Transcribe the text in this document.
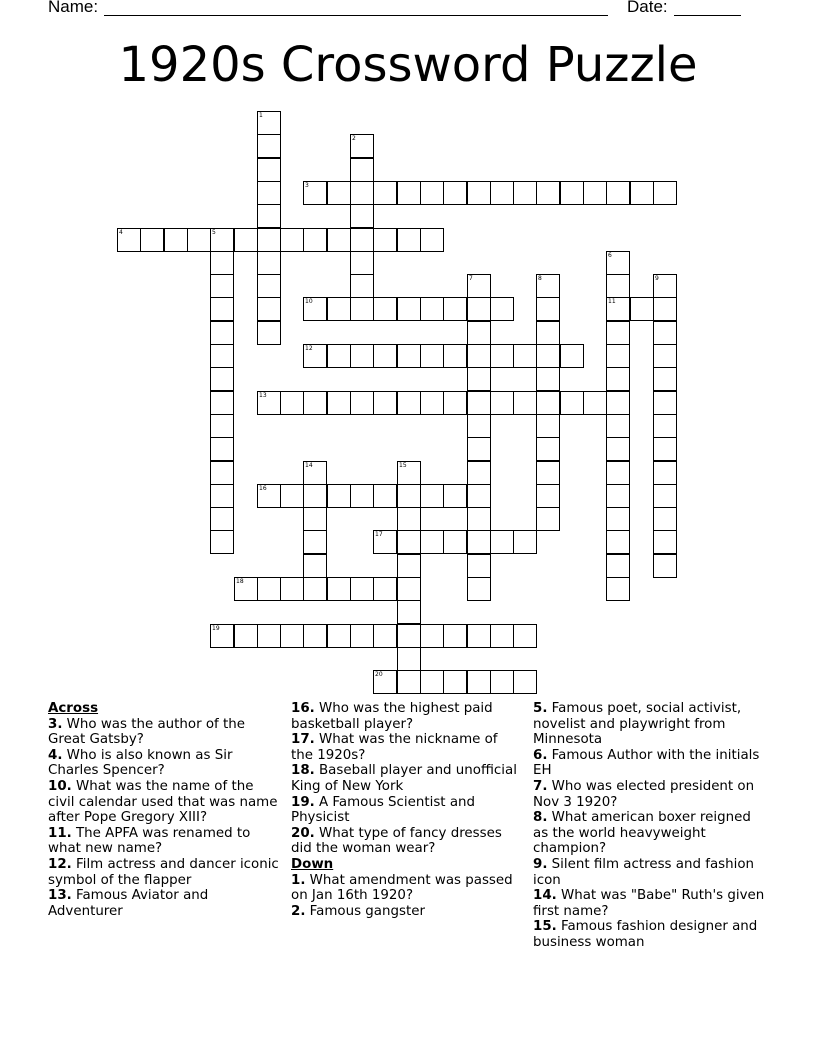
Name:	Date:
1920s Crossword Puzzle
1
2
3
4	5
6
11
7	8	9
10
12
13
14	15
16
17
18
19
20
Across
3. Who was the author of the Great Gatsby?
4. Who is also known as Sir Charles Spencer?
10. What was the name of the civil calendar used that was name after Pope Gregory XIII?
11. The APFA was renamed to what new name?
12. Film actress and dancer iconic symbol of the flapper
13. Famous Aviator and Adventurer
16. Who was the highest paid basketball player?
17. What was the nickname of the 1920s?
18. Baseball player and unofficial King of New York
19. A Famous Scientist and Physicist
20. What type of fancy dresses did the woman wear?
Down
1. What amendment was passed on Jan 16th 1920?
2. Famous gangster
5. Famous poet, social activist, novelist and playwright from Minnesota
6. Famous Author with the initials EH
7. Who was elected president on Nov 3 1920?
8. What american boxer reigned as the world heavyweight champion?
9. Silent film actress and fashion icon
14. What was "Babe" Ruth's given first name?
15. Famous fashion designer and business woman
